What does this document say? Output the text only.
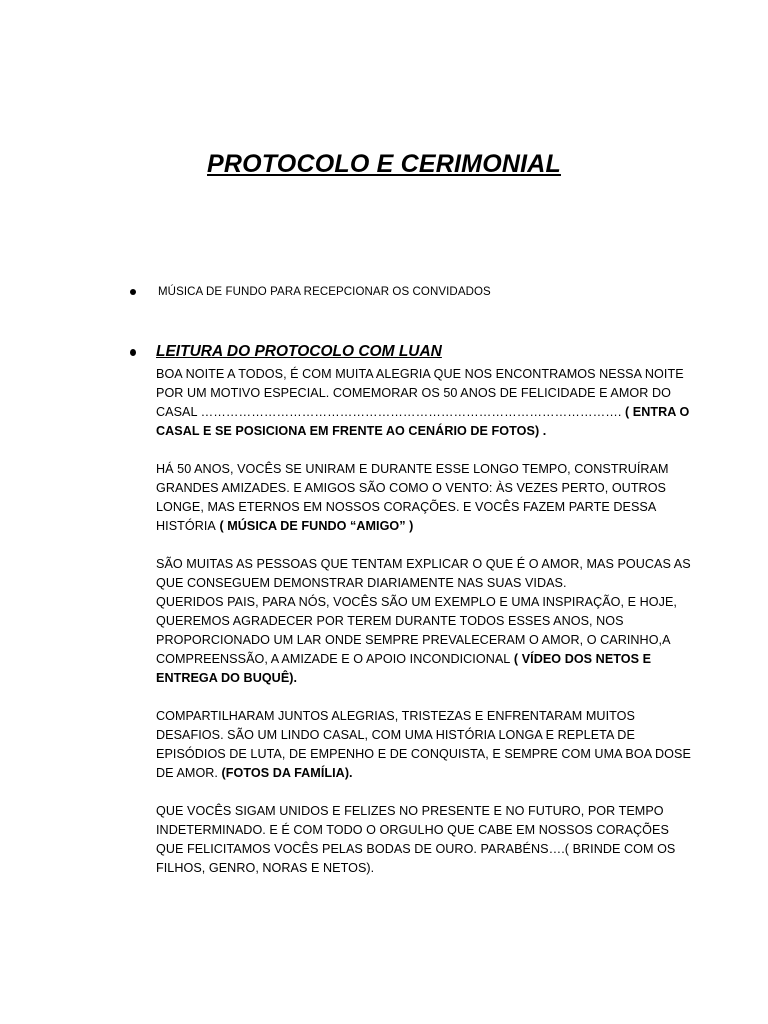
PROTOCOLO E CERIMONIAL
MÚSICA DE FUNDO PARA RECEPCIONAR OS CONVIDADOS
LEITURA DO PROTOCOLO COM LUAN
BOA NOITE A TODOS, É COM MUITA ALEGRIA QUE NOS ENCONTRAMOS NESSA NOITE
POR UM MOTIVO ESPECIAL. COMEMORAR OS 50 ANOS DE FELICIDADE E AMOR DO
CASAL ………………………………………………………………………………………. ( ENTRA O
CASAL E SE POSICIONA EM FRENTE AO CENÁRIO DE FOTOS) .
HÁ 50 ANOS, VOCÊS SE UNIRAM E DURANTE ESSE LONGO TEMPO, CONSTRUÍRAM
GRANDES AMIZADES. E AMIGOS SÃO COMO O VENTO: ÀS VEZES PERTO, OUTROS
LONGE, MAS ETERNOS EM NOSSOS CORAÇÕES. E VOCÊS FAZEM PARTE DESSA
HISTÓRIA ( MÚSICA DE FUNDO “AMIGO” )
SÃO MUITAS AS PESSOAS QUE TENTAM EXPLICAR O QUE É O AMOR, MAS POUCAS AS
QUE CONSEGUEM DEMONSTRAR DIARIAMENTE NAS SUAS VIDAS.
QUERIDOS PAIS, PARA NÓS, VOCÊS SÃO UM EXEMPLO E UMA INSPIRAÇÃO, E HOJE,
QUEREMOS AGRADECER POR TEREM DURANTE TODOS ESSES ANOS, NOS
PROPORCIONADO UM LAR ONDE SEMPRE PREVALECERAM O AMOR, O CARINHO,A
COMPREENSSÃO, A AMIZADE E O APOIO INCONDICIONAL ( VÍDEO DOS NETOS E
ENTREGA DO BUQUÊ).
COMPARTILHARAM JUNTOS ALEGRIAS, TRISTEZAS E ENFRENTARAM MUITOS
DESAFIOS. SÃO UM LINDO CASAL, COM UMA HISTÓRIA LONGA E REPLETA DE
EPISÓDIOS DE LUTA, DE EMPENHO E DE CONQUISTA, E SEMPRE COM UMA BOA DOSE
DE AMOR. (FOTOS DA FAMÍLIA).
QUE VOCÊS SIGAM UNIDOS E FELIZES NO PRESENTE E NO FUTURO, POR TEMPO
INDETERMINADO. E É COM TODO O ORGULHO QUE CABE EM NOSSOS CORAÇÕES
QUE FELICITAMOS VOCÊS PELAS BODAS DE OURO. PARABÉNS….( BRINDE COM OS
FILHOS, GENRO, NORAS E NETOS).
